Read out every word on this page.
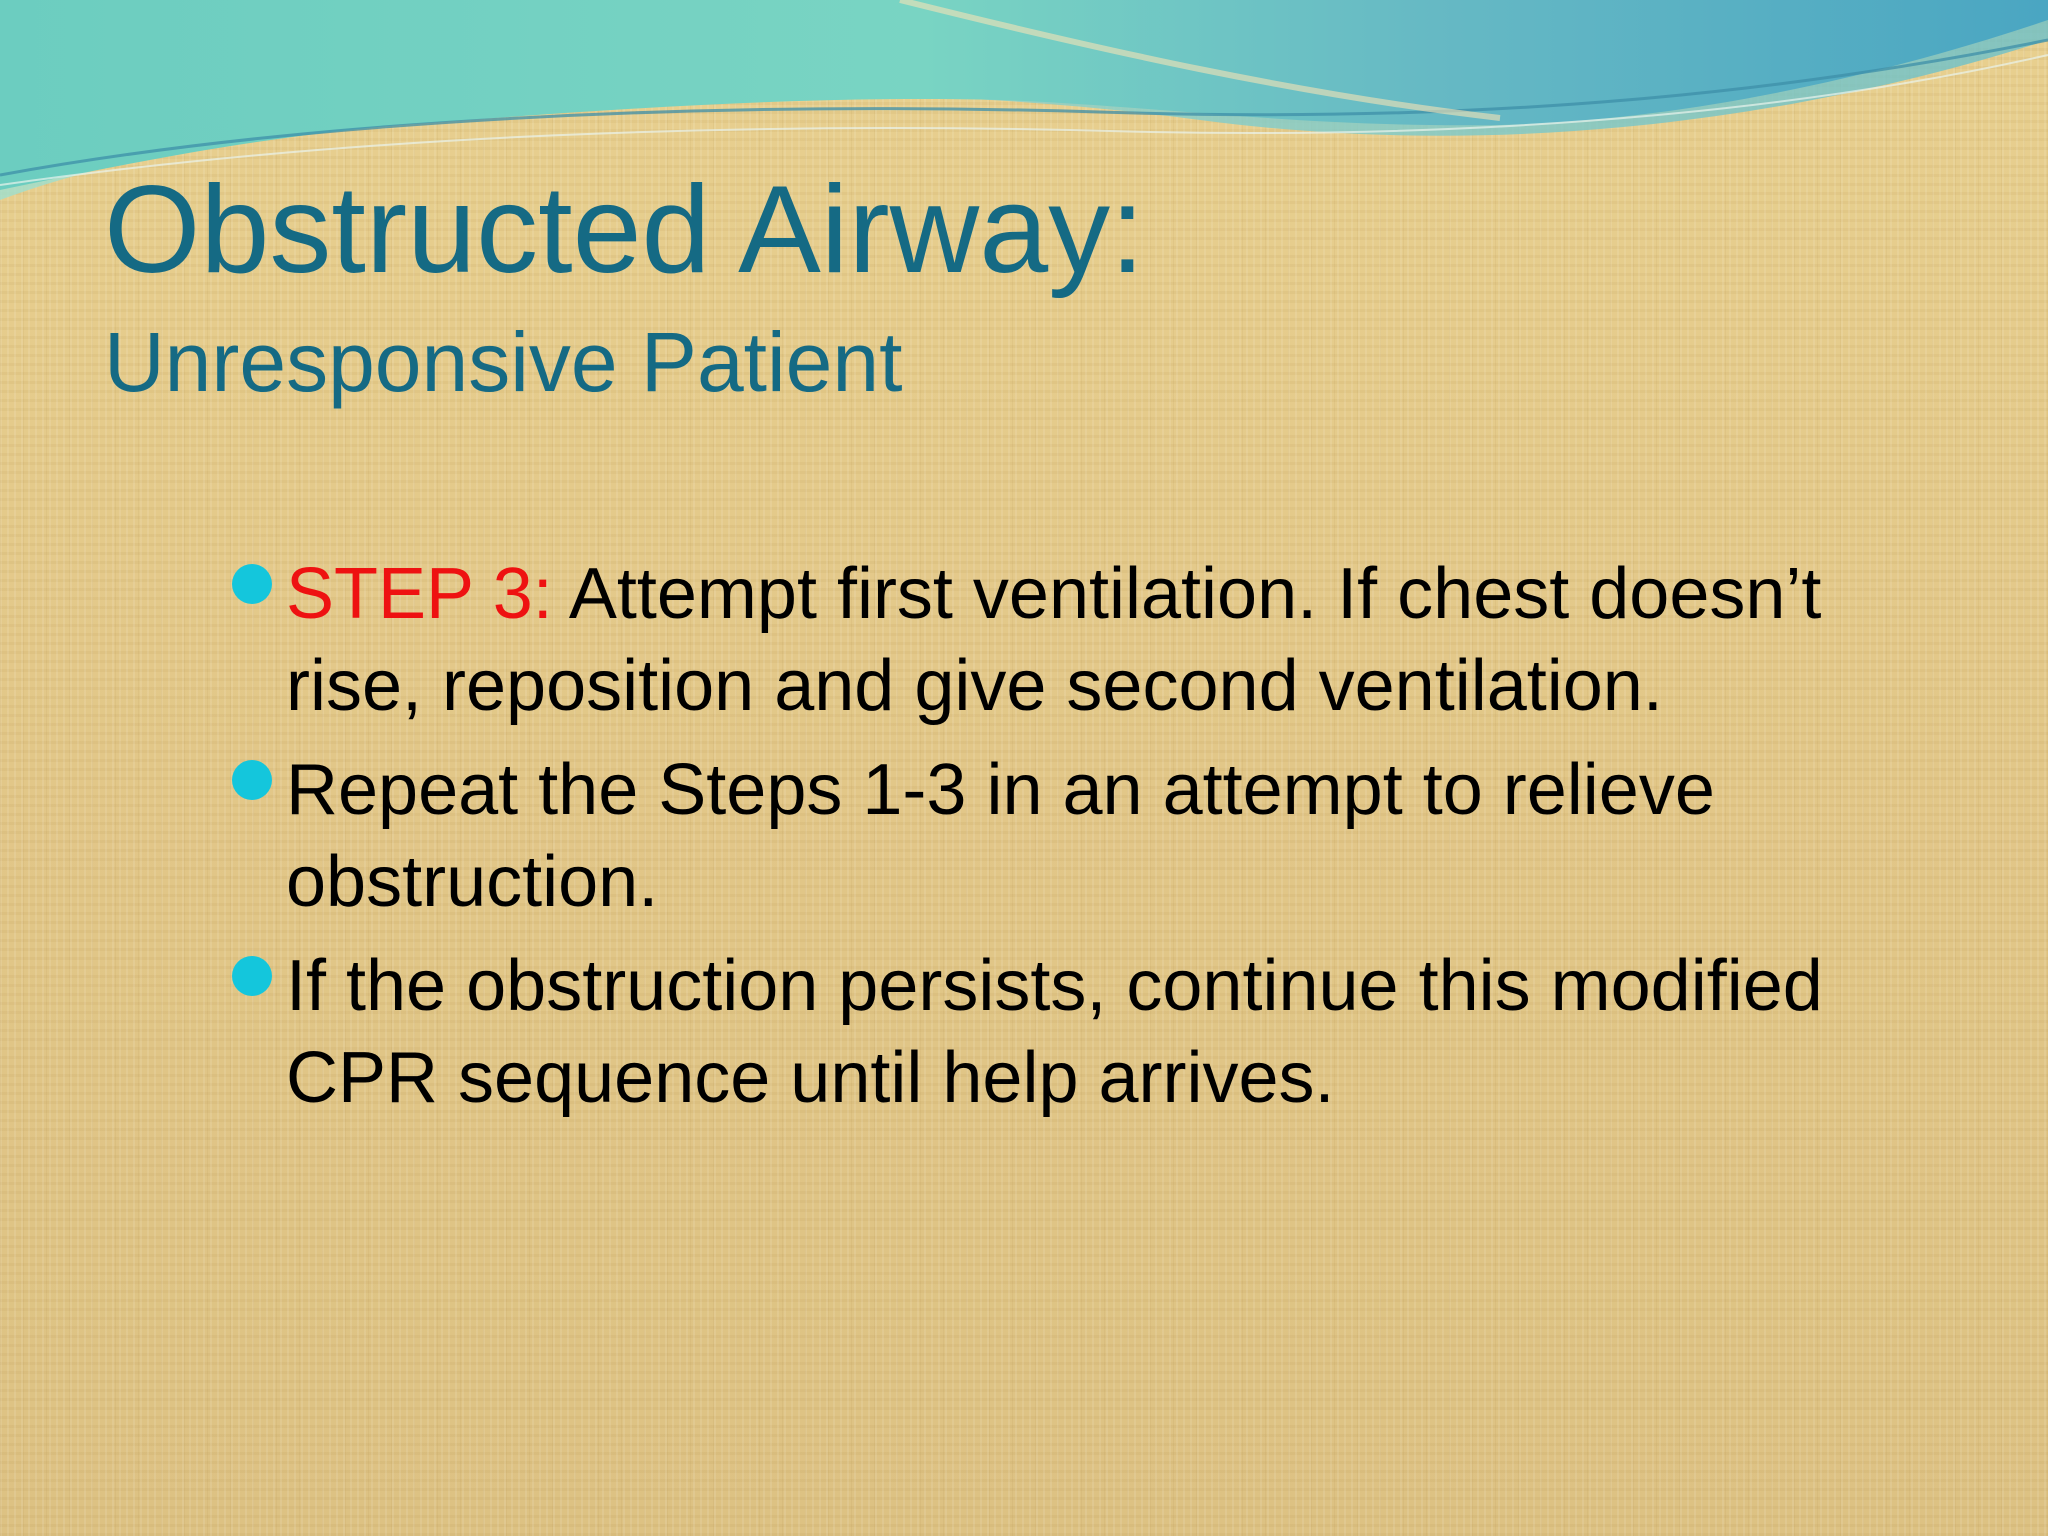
Obstructed Airway:
Unresponsive Patient
STEP 3: Attempt first ventilation. If chest doesn’t rise, reposition and give second ventilation.
Repeat the Steps 1-3 in an attempt to relieve obstruction.
If the obstruction persists, continue this modified CPR sequence until help arrives.
